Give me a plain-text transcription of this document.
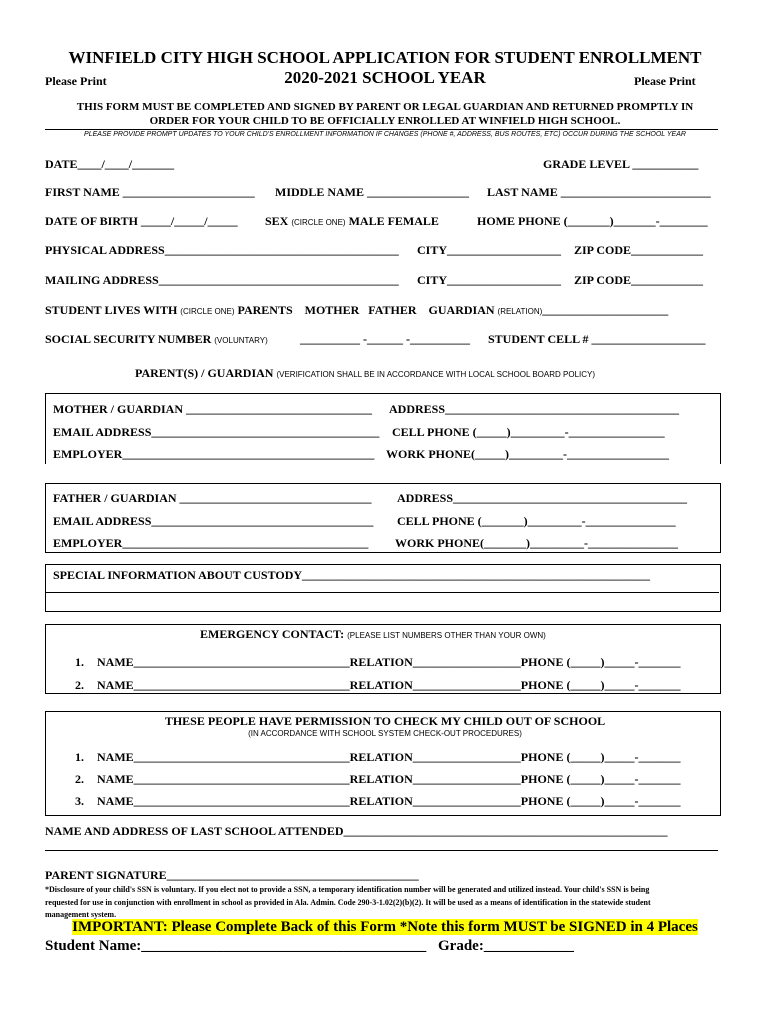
WINFIELD CITY HIGH SCHOOL APPLICATION FOR STUDENT ENROLLMENT
Please Print	2020-2021 SCHOOL YEAR	Please Print
THIS FORM MUST BE COMPLETED AND SIGNED BY PARENT OR LEGAL GUARDIAN AND RETURNED PROMPTLY IN
ORDER FOR YOUR CHILD TO BE OFFICIALLY ENROLLED AT WINFIELD HIGH SCHOOL.
PLEASE PROVIDE PROMPT UPDATES TO YOUR CHILD'S ENROLLMENT INFORMATION IF CHANGES (PHONE #, ADDRESS, BUS ROUTES, ETC) OCCUR DURING THE SCHOOL YEAR
DATE____/____/_______	GRADE LEVEL ___________
FIRST NAME ______________________ MIDDLE NAME _________________ LAST NAME _________________________
DATE OF BIRTH _____/_____/_____ SEX (CIRCLE ONE) MALE FEMALE	HOME PHONE (_______)_______-________
PHYSICAL ADDRESS_______________________________________ CITY___________________ ZIP CODE____________
MAILING ADDRESS________________________________________ CITY___________________ ZIP CODE____________
STUDENT LIVES WITH (CIRCLE ONE) PARENTS    MOTHER   FATHER    GUARDIAN (RELATION)_____________________
SOCIAL SECURITY NUMBER (VOLUNTARY)	__________ -______ -__________ STUDENT CELL # ___________________
PARENT(S) / GUARDIAN (VERIFICATION SHALL BE IN ACCORDANCE WITH LOCAL SCHOOL BOARD POLICY)
MOTHER / GUARDIAN _______________________________ ADDRESS_______________________________________
EMAIL ADDRESS______________________________________ CELL PHONE (_____)_________-________________
EMPLOYER__________________________________________ WORK PHONE(_____)_________-_________________
FATHER / GUARDIAN ________________________________ ADDRESS_______________________________________
EMAIL ADDRESS_____________________________________ CELL PHONE (_______)_________-_______________
EMPLOYER_________________________________________ WORK PHONE(_______)_________-_______________
SPECIAL INFORMATION ABOUT CUSTODY__________________________________________________________
EMERGENCY CONTACT: (PLEASE LIST NUMBERS OTHER THAN YOUR OWN)
1. NAME____________________________________RELATION__________________PHONE (_____)_____-_______
2. NAME____________________________________RELATION__________________PHONE (_____)_____-_______
THESE PEOPLE HAVE PERMISSION TO CHECK MY CHILD OUT OF SCHOOL
(IN ACCORDANCE WITH SCHOOL SYSTEM CHECK-OUT PROCEDURES)
1. NAME____________________________________RELATION__________________PHONE (_____)_____-_______
2. NAME____________________________________RELATION__________________PHONE (_____)_____-_______
3. NAME____________________________________RELATION__________________PHONE (_____)_____-_______
NAME AND ADDRESS OF LAST SCHOOL ATTENDED______________________________________________________
PARENT SIGNATURE__________________________________________
*Disclosure of your child's SSN is voluntary. If you elect not to provide a SSN, a temporary identification number will be generated and utilized instead. Your child's SSN is being
requested for use in conjunction with enrollment in school as provided in Ala. Admin. Code 290-3-1.02(2)(b)(2). It will be used as a means of identification in the statewide student
management system.
IMPORTANT: Please Complete Back of this Form *Note this form MUST be SIGNED in 4 Places
Student Name:______________________________________ Grade:____________
